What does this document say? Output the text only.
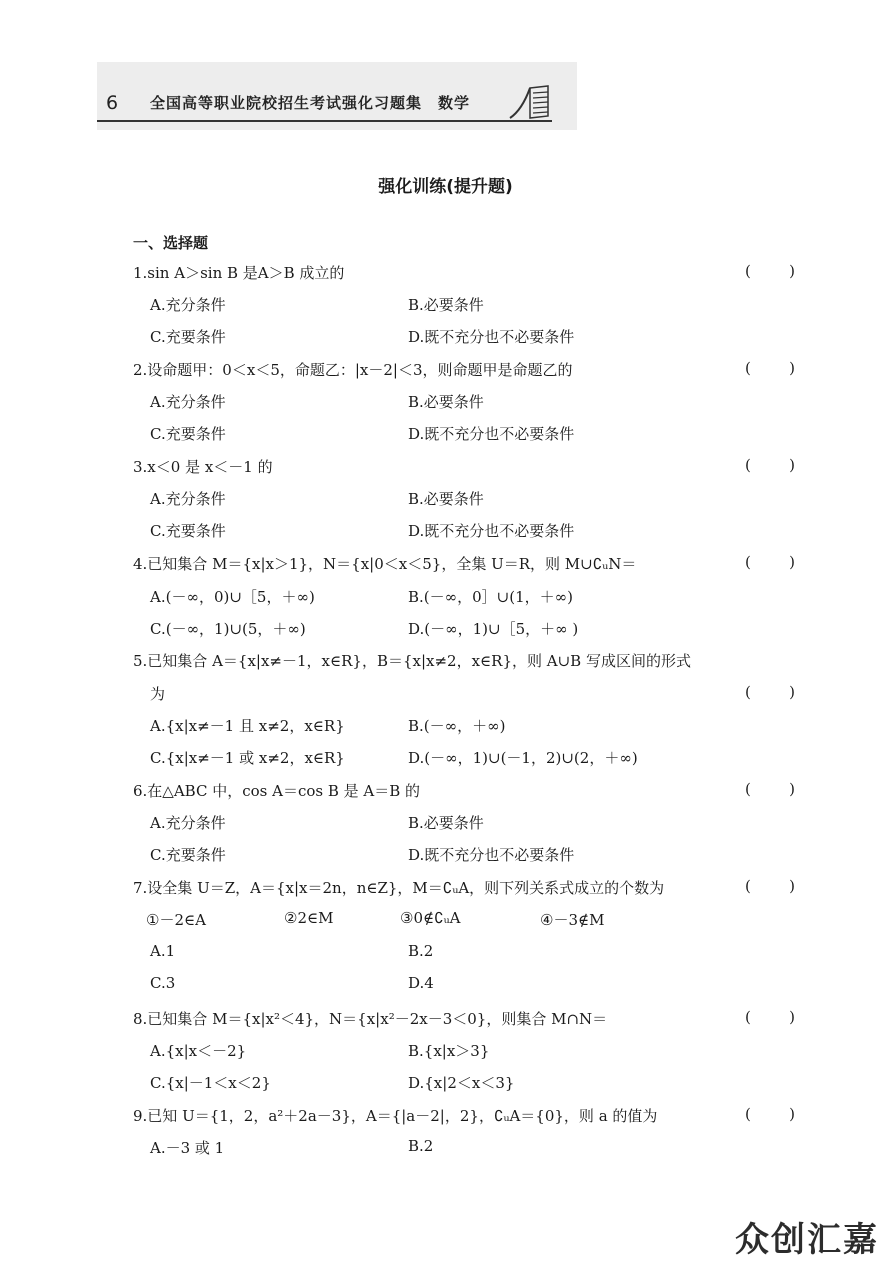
6 全国高等职业院校招生考试强化习题集 数学
强化训练(提升题)
一、选择题
1.sin A＞sin B 是A＞B 成立的	(	)
A.充分条件	B.必要条件
C.充要条件	D.既不充分也不必要条件
2.设命题甲：0＜x＜5，命题乙：|x－2|＜3，则命题甲是命题乙的	(	)
A.充分条件	B.必要条件
C.充要条件	D.既不充分也不必要条件
3.x＜0 是 x＜－1 的	(	)
A.充分条件	B.必要条件
C.充要条件	D.既不充分也不必要条件
4.已知集合 M＝{x|x＞1}，N＝{x|0＜x＜5}，全集 U＝R，则 M∪∁ᵤN＝	(	)
A.(－∞，0)∪［5，＋∞)	B.(－∞，0］∪(1，＋∞)
C.(－∞，1)∪(5，＋∞)	D.(－∞，1)∪［5，＋∞ )
5.已知集合 A＝{x|x≠－1，x∈R}，B＝{x|x≠2，x∈R}，则 A∪B 写成区间的形式
为	(	)
A.{x|x≠－1 且 x≠2，x∈R}	B.(－∞，＋∞)
C.{x|x≠－1 或 x≠2，x∈R}	D.(－∞，1)∪(－1，2)∪(2，＋∞)
6.在△ABC 中，cos A＝cos B 是 A＝B 的	(	)
A.充分条件	B.必要条件
C.充要条件	D.既不充分也不必要条件
7.设全集 U＝Z，A＝{x|x＝2n，n∈Z}，M＝∁ᵤA，则下列关系式成立的个数为	(	)
①－2∈A	②2∈M	③0∉∁ᵤA	④－3∉M
A.1	B.2
C.3	D.4
8.已知集合 M＝{x|x²＜4}，N＝{x|x²－2x－3＜0}，则集合 M∩N＝	(	)
A.{x|x＜－2}	B.{x|x＞3}
C.{x|－1＜x＜2}	D.{x|2＜x＜3}
9.已知 U＝{1，2，a²＋2a－3}，A＝{|a－2|，2}，∁ᵤA＝{0}，则 a 的值为	(	)
A.－3 或 1	B.2
众创汇嘉
